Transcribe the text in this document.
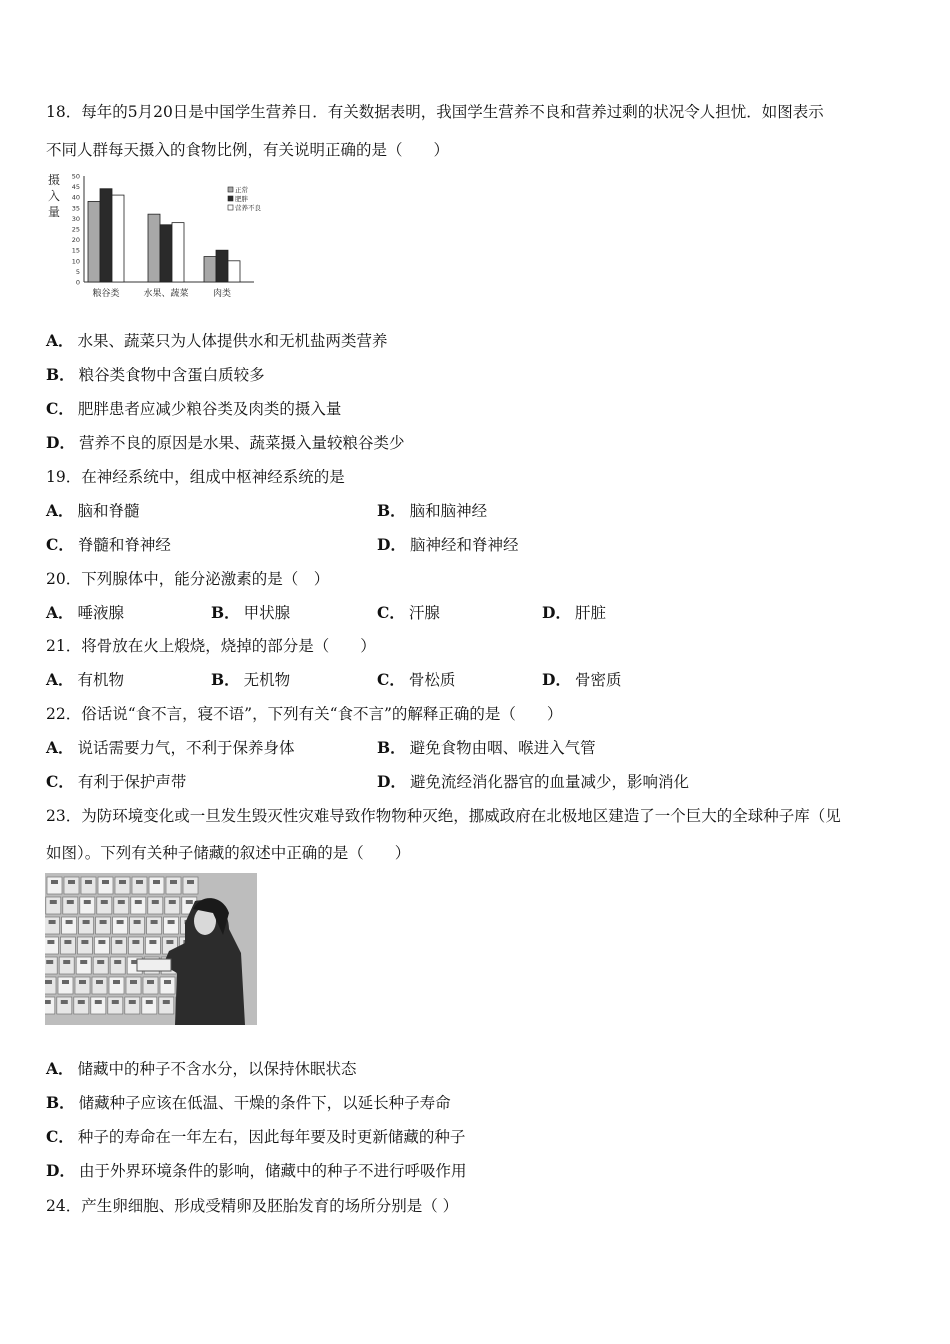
18．每年的5月20日是中国学生营养日．有关数据表明，我国学生营养不良和营养过剩的状况令人担忧．如图表示
不同人群每天摄入的食物比例，有关说明正确的是（　　）
摄
入
量
50
45
40
35
30
25
20
15
10
5
0
粮谷类	水果、蔬菜	肉类
正常
肥胖
营养不良
A． 水果、蔬菜只为人体提供水和无机盐两类营养
B． 粮谷类食物中含蛋白质较多
C． 肥胖患者应减少粮谷类及肉类的摄入量
D． 营养不良的原因是水果、蔬菜摄入量较粮谷类少
19．在神经系统中，组成中枢神经系统的是
A． 脑和脊髓	B． 脑和脑神经
C． 脊髓和脊神经	D． 脑神经和脊神经
20．下列腺体中，能分泌激素的是（　）
A． 唾液腺	B． 甲状腺	C． 汗腺	D． 肝脏
21．将骨放在火上煅烧，烧掉的部分是（　　）
A． 有机物	B． 无机物	C． 骨松质	D． 骨密质
22．俗话说“食不言，寝不语”，下列有关“食不言”的解释正确的是（　　）
A． 说话需要力气，不利于保养身体	B． 避免食物由咽、喉进入气管
C． 有利于保护声带	D． 避免流经消化器官的血量减少，影响消化
23．为防环境变化或一旦发生毁灭性灾难导致作物物种灭绝，挪威政府在北极地区建造了一个巨大的全球种子库（见
如图）。下列有关种子储藏的叙述中正确的是（　　）
A． 储藏中的种子不含水分，以保持休眠状态
B． 储藏种子应该在低温、干燥的条件下，以延长种子寿命
C． 种子的寿命在一年左右，因此每年要及时更新储藏的种子
D． 由于外界环境条件的影响，储藏中的种子不进行呼吸作用
24．产生卵细胞、形成受精卵及胚胎发育的场所分别是（ ）
